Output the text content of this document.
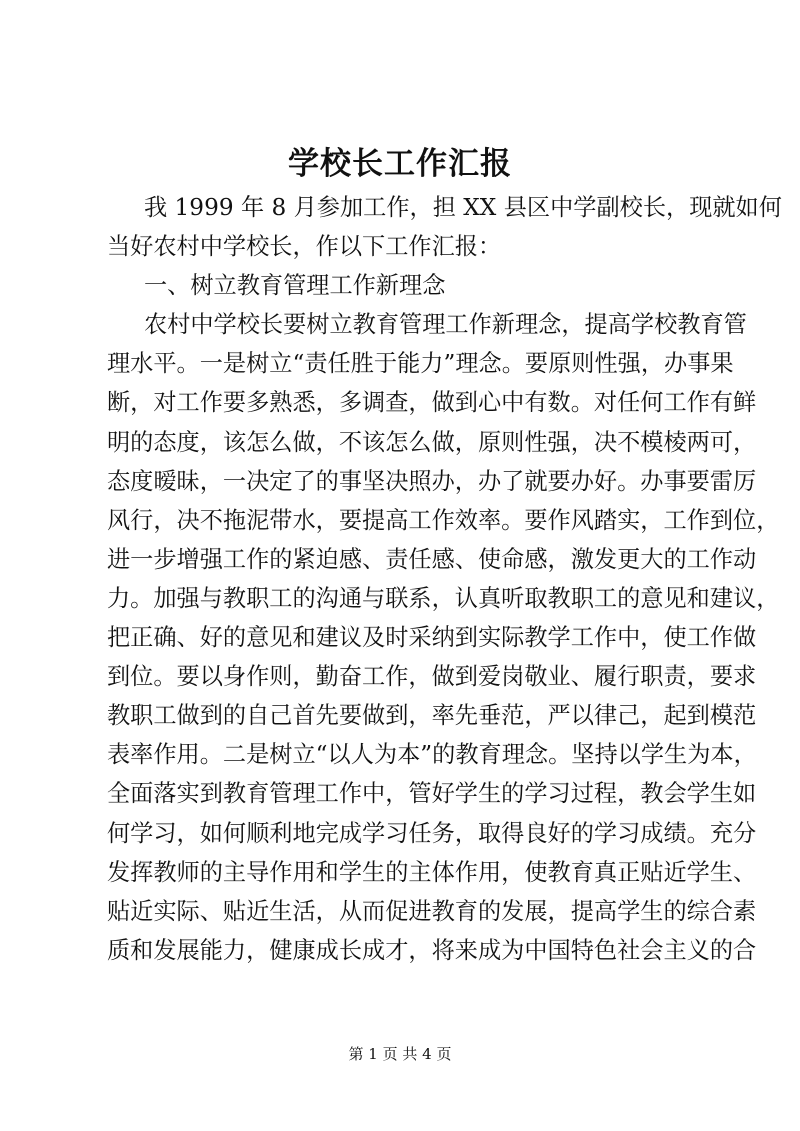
学校长工作汇报
我 1999 年 8 月参加工作，担 XX 县区中学副校长，现就如何
当好农村中学校长，作以下工作汇报：
一、树立教育管理工作新理念
农村中学校长要树立教育管理工作新理念，提高学校教育管
理水平。一是树立“责任胜于能力”理念。要原则性强，办事果
断，对工作要多熟悉，多调查，做到心中有数。对任何工作有鲜
明的态度，该怎么做，不该怎么做，原则性强，决不模棱两可，
态度暧昧，一决定了的事坚决照办，办了就要办好。办事要雷厉
风行，决不拖泥带水，要提高工作效率。要作风踏实，工作到位，
进一步增强工作的紧迫感、责任感、使命感，激发更大的工作动
力。加强与教职工的沟通与联系，认真听取教职工的意见和建议，
把正确、好的意见和建议及时采纳到实际教学工作中，使工作做
到位。要以身作则，勤奋工作，做到爱岗敬业、履行职责，要求
教职工做到的自己首先要做到，率先垂范，严以律己，起到模范
表率作用。二是树立“以人为本”的教育理念。坚持以学生为本，
全面落实到教育管理工作中，管好学生的学习过程，教会学生如
何学习，如何顺利地完成学习任务，取得良好的学习成绩。充分
发挥教师的主导作用和学生的主体作用，使教育真正贴近学生、
贴近实际、贴近生活，从而促进教育的发展，提高学生的综合素
质和发展能力，健康成长成才，将来成为中国特色社会主义的合
第 1 页 共 4 页
